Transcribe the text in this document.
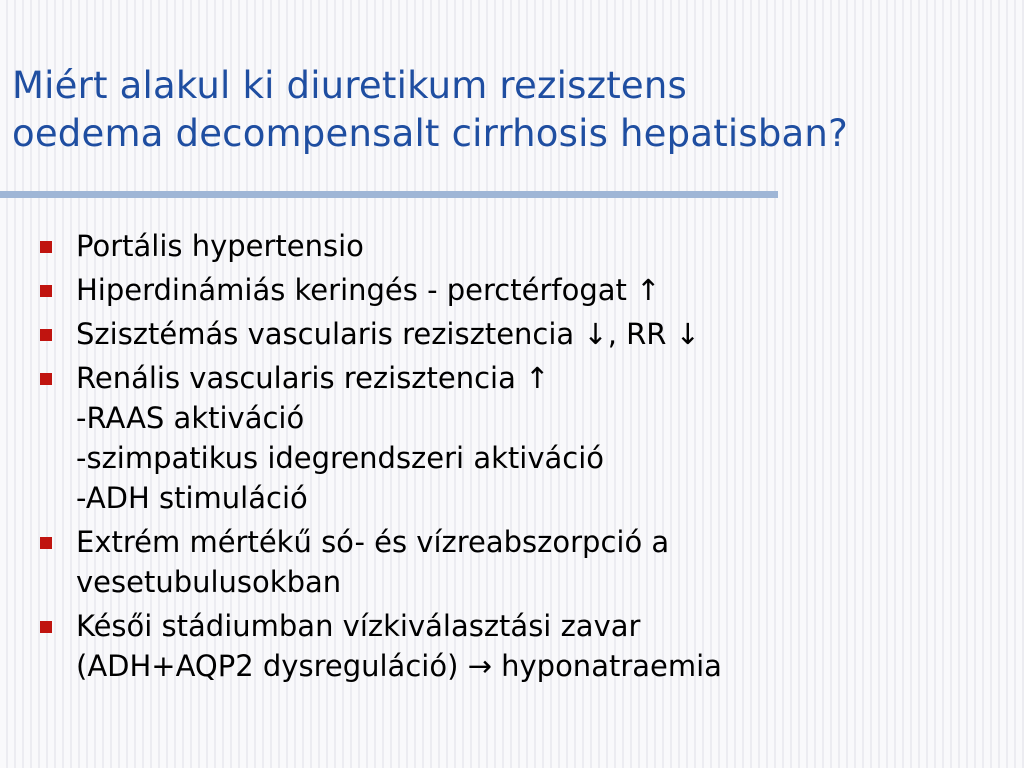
Miért alakul ki diuretikum rezisztens
oedema decompensalt cirrhosis hepatisban?
Portális hypertensio
Hiperdinámiás keringés - perctérfogat ↑
Szisztémás vascularis rezisztencia ↓, RR ↓
Renális vascularis rezisztencia ↑
-RAAS aktiváció
-szimpatikus idegrendszeri aktiváció
-ADH stimuláció
Extrém mértékű só- és vízreabszorpció a
vesetubulusokban
Késői stádiumban vízkiválasztási zavar
(ADH+AQP2 dysreguláció) → hyponatraemia
